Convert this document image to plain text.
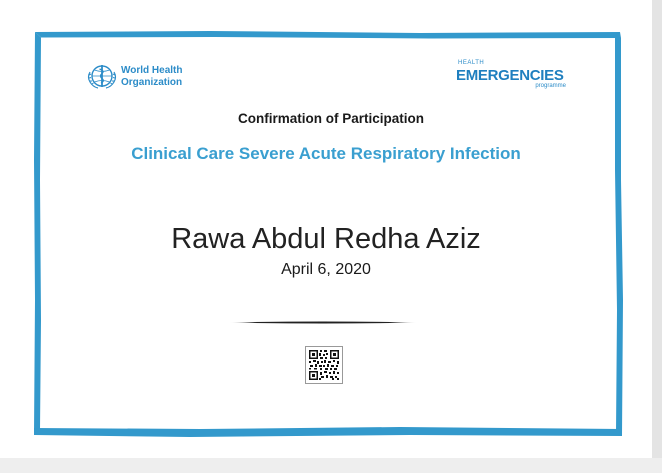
World Health
Organization
HEALTH
EMERGENCIES
programme
Confirmation of Participation
Clinical Care Severe Acute Respiratory Infection
Rawa Abdul Redha Aziz
April 6, 2020
